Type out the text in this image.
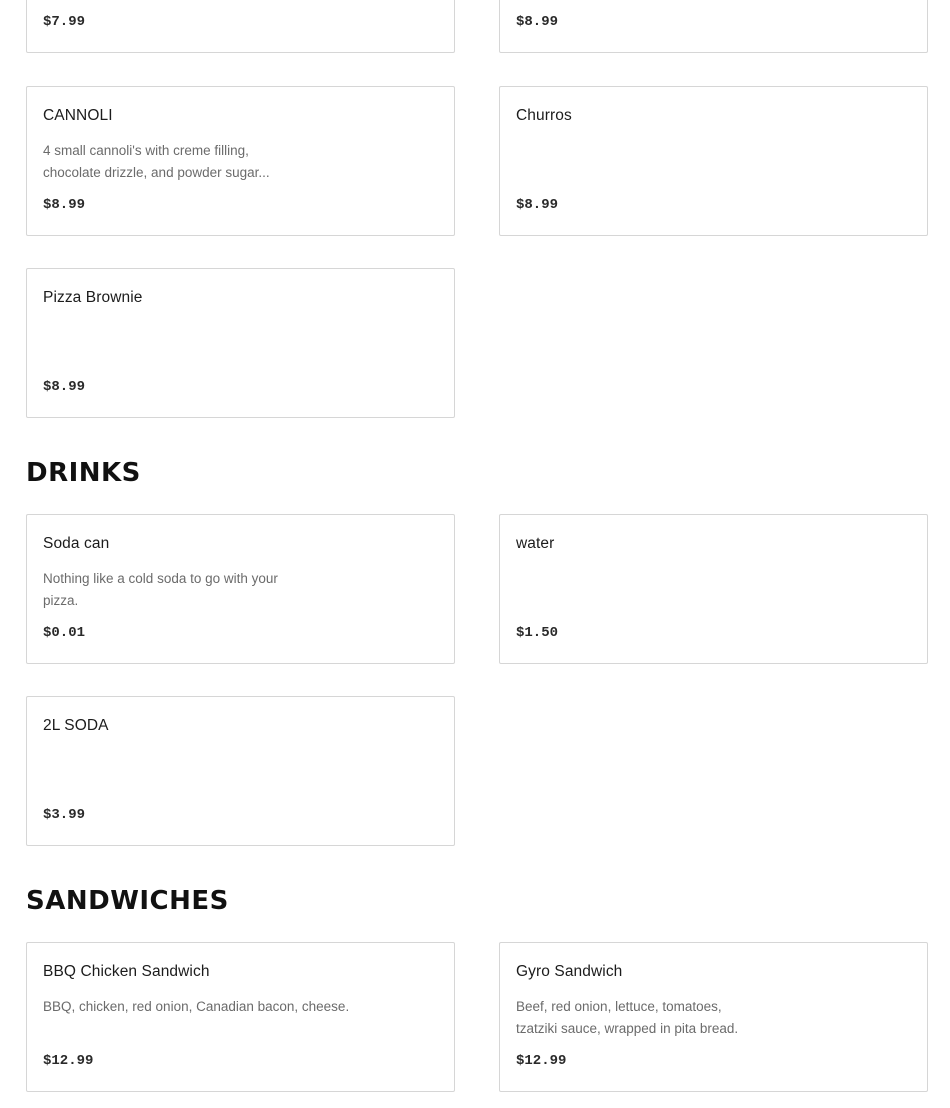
$7.99	$8.99
CANNOLI
4 small cannoli's with creme filling, chocolate drizzle, and powder sugar...
$8.99
Churros
$8.99
Pizza Brownie
$8.99
DRINKS
Soda can
Nothing like a cold soda to go with your pizza.
$0.01
water
$1.50
2L SODA
$3.99
SANDWICHES
BBQ Chicken Sandwich
BBQ, chicken, red onion, Canadian bacon, cheese.
$12.99
Gyro Sandwich
Beef, red onion, lettuce, tomatoes, tzatziki sauce, wrapped in pita bread.
$12.99
